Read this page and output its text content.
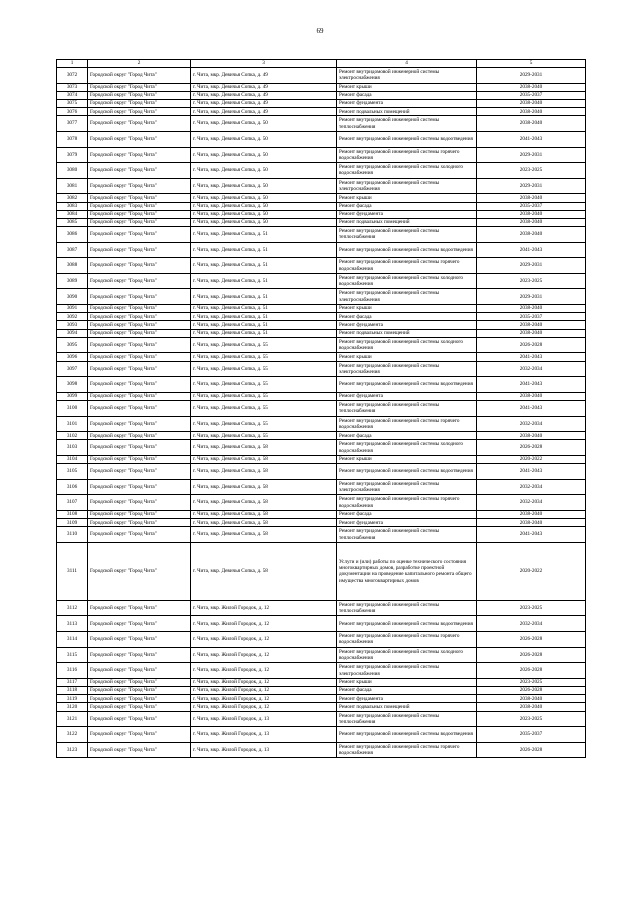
69
1	2	3	4	5
3072	Городской округ "Город Чита"	г. Чита, мкр. Девичья Сопка, д. 49	Ремонт внутридомовой инженерной системы электроснабжения	2029-2031
3073	Городской округ "Город Чита"	г. Чита, мкр. Девичья Сопка, д. 49	Ремонт крыши	2038-2040
3074	Городской округ "Город Чита"	г. Чита, мкр. Девичья Сопка, д. 49	Ремонт фасада	2035-2037
3075	Городской округ "Город Чита"	г. Чита, мкр. Девичья Сопка, д. 49	Ремонт фундамента	2038-2040
3076	Городской округ "Город Чита"	г. Чита, мкр. Девичья Сопка, д. 49	Ремонт подвальных помещений	2038-2040
3077	Городской округ "Город Чита"	г. Чита, мкр. Девичья Сопка, д. 50	Ремонт внутридомовой инженерной системы теплоснабжения	2038-2040
3078	Городской округ "Город Чита"	г. Чита, мкр. Девичья Сопка, д. 50	Ремонт внутридомовой инженерной системы водоотведения	2041-2043
3079	Городской округ "Город Чита"	г. Чита, мкр. Девичья Сопка, д. 50	Ремонт внутридомовой инженерной системы горячего водоснабжения	2029-2031
3080	Городской округ "Город Чита"	г. Чита, мкр. Девичья Сопка, д. 50	Ремонт внутридомовой инженерной системы холодного водоснабжения	2023-2025
3081	Городской округ "Город Чита"	г. Чита, мкр. Девичья Сопка, д. 50	Ремонт внутридомовой инженерной системы электроснабжения	2029-2031
3082	Городской округ "Город Чита"	г. Чита, мкр. Девичья Сопка, д. 50	Ремонт крыши	2038-2040
3083	Городской округ "Город Чита"	г. Чита, мкр. Девичья Сопка, д. 50	Ремонт фасада	2035-2037
3084	Городской округ "Город Чита"	г. Чита, мкр. Девичья Сопка, д. 50	Ремонт фундамента	2038-2040
3085	Городской округ "Город Чита"	г. Чита, мкр. Девичья Сопка, д. 50	Ремонт подвальных помещений	2038-2040
3086	Городской округ "Город Чита"	г. Чита, мкр. Девичья Сопка, д. 51	Ремонт внутридомовой инженерной системы теплоснабжения	2038-2040
3087	Городской округ "Город Чита"	г. Чита, мкр. Девичья Сопка, д. 51	Ремонт внутридомовой инженерной системы водоотведения	2041-2043
3088	Городской округ "Город Чита"	г. Чита, мкр. Девичья Сопка, д. 51	Ремонт внутридомовой инженерной системы горячего водоснабжения	2029-2031
3089	Городской округ "Город Чита"	г. Чита, мкр. Девичья Сопка, д. 51	Ремонт внутридомовой инженерной системы холодного водоснабжения	2023-2025
3090	Городской округ "Город Чита"	г. Чита, мкр. Девичья Сопка, д. 51	Ремонт внутридомовой инженерной системы электроснабжения	2029-2031
3091	Городской округ "Город Чита"	г. Чита, мкр. Девичья Сопка, д. 51	Ремонт крыши	2038-2040
3092	Городской округ "Город Чита"	г. Чита, мкр. Девичья Сопка, д. 51	Ремонт фасада	2035-2037
3093	Городской округ "Город Чита"	г. Чита, мкр. Девичья Сопка, д. 51	Ремонт фундамента	2038-2040
3094	Городской округ "Город Чита"	г. Чита, мкр. Девичья Сопка, д. 51	Ремонт подвальных помещений	2038-2040
3095	Городской округ "Город Чита"	г. Чита, мкр. Девичья Сопка, д. 55	Ремонт внутридомовой инженерной системы холодного водоснабжения	2026-2028
3096	Городской округ "Город Чита"	г. Чита, мкр. Девичья Сопка, д. 55	Ремонт крыши	2041-2043
3097	Городской округ "Город Чита"	г. Чита, мкр. Девичья Сопка, д. 55	Ремонт внутридомовой инженерной системы электроснабжения	2032-2034
3098	Городской округ "Город Чита"	г. Чита, мкр. Девичья Сопка, д. 55	Ремонт внутридомовой инженерной системы водоотведения	2041-2043
3099	Городской округ "Город Чита"	г. Чита, мкр. Девичья Сопка, д. 55	Ремонт фундамента	2038-2040
3100	Городской округ "Город Чита"	г. Чита, мкр. Девичья Сопка, д. 55	Ремонт внутридомовой инженерной системы теплоснабжения	2041-2043
3101	Городской округ "Город Чита"	г. Чита, мкр. Девичья Сопка, д. 55	Ремонт внутридомовой инженерной системы горячего водоснабжения	2032-2034
3102	Городской округ "Город Чита"	г. Чита, мкр. Девичья Сопка, д. 55	Ремонт фасада	2038-2040
3103	Городской округ "Город Чита"	г. Чита, мкр. Девичья Сопка, д. 58	Ремонт внутридомовой инженерной системы холодного водоснабжения	2026-2028
3104	Городской округ "Город Чита"	г. Чита, мкр. Девичья Сопка, д. 58	Ремонт крыши	2020-2022
3105	Городской округ "Город Чита"	г. Чита, мкр. Девичья Сопка, д. 58	Ремонт внутридомовой инженерной системы водоотведения	2041-2043
3106	Городской округ "Город Чита"	г. Чита, мкр. Девичья Сопка, д. 58	Ремонт внутридомовой инженерной системы электроснабжения	2032-2034
3107	Городской округ "Город Чита"	г. Чита, мкр. Девичья Сопка, д. 58	Ремонт внутридомовой инженерной системы горячего водоснабжения	2032-2034
3108	Городской округ "Город Чита"	г. Чита, мкр. Девичья Сопка, д. 58	Ремонт фасада	2038-2040
3109	Городской округ "Город Чита"	г. Чита, мкр. Девичья Сопка, д. 58	Ремонт фундамента	2038-2040
3110	Городской округ "Город Чита"	г. Чита, мкр. Девичья Сопка, д. 58	Ремонт внутридомовой инженерной системы теплоснабжения	2041-2043
3111	Городской округ "Город Чита"	г. Чита, мкр. Девичья Сопка, д. 58	Услуги и (или) работы по оценке технического состояния многоквартирных домов, разработке проектной документации на проведение капитального ремонта общего имущества многоквартирных домов	2020-2022
3112	Городской округ "Город Чита"	г. Чита, мкр. Жилой Городок, д. 12	Ремонт внутридомовой инженерной системы теплоснабжения	2023-2025
3113	Городской округ "Город Чита"	г. Чита, мкр. Жилой Городок, д. 12	Ремонт внутридомовой инженерной системы водоотведения	2032-2034
3114	Городской округ "Город Чита"	г. Чита, мкр. Жилой Городок, д. 12	Ремонт внутридомовой инженерной системы горячего водоснабжения	2026-2028
3115	Городской округ "Город Чита"	г. Чита, мкр. Жилой Городок, д. 12	Ремонт внутридомовой инженерной системы холодного водоснабжения	2026-2028
3116	Городской округ "Город Чита"	г. Чита, мкр. Жилой Городок, д. 12	Ремонт внутридомовой инженерной системы электроснабжения	2026-2028
3117	Городской округ "Город Чита"	г. Чита, мкр. Жилой Городок, д. 12	Ремонт крыши	2023-2025
3118	Городской округ "Город Чита"	г. Чита, мкр. Жилой Городок, д. 12	Ремонт фасада	2026-2028
3119	Городской округ "Город Чита"	г. Чита, мкр. Жилой Городок, д. 12	Ремонт фундамента	2038-2040
3120	Городской округ "Город Чита"	г. Чита, мкр. Жилой Городок, д. 12	Ремонт подвальных помещений	2038-2040
3121	Городской округ "Город Чита"	г. Чита, мкр. Жилой Городок, д. 13	Ремонт внутридомовой инженерной системы теплоснабжения	2023-2025
3122	Городской округ "Город Чита"	г. Чита, мкр. Жилой Городок, д. 13	Ремонт внутридомовой инженерной системы водоотведения	2035-2037
3123	Городской округ "Город Чита"	г. Чита, мкр. Жилой Городок, д. 13	Ремонт внутридомовой инженерной системы горячего водоснабжения	2026-2028
